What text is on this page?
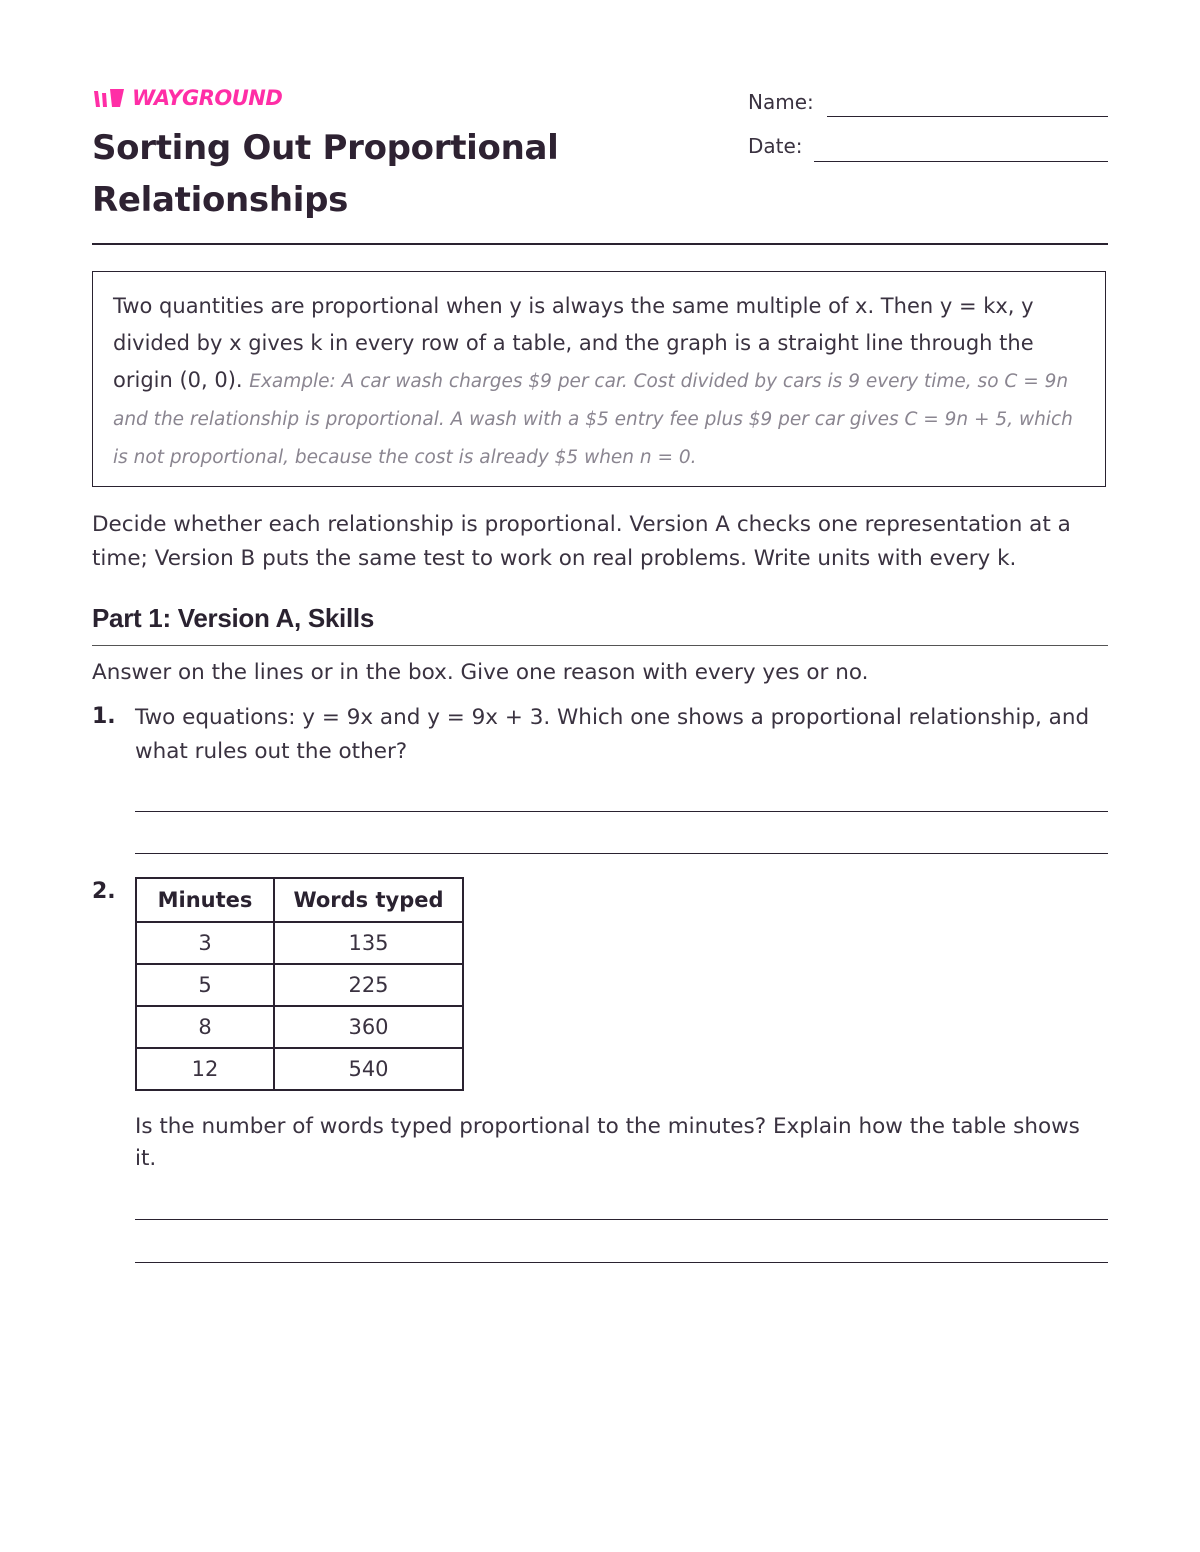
WAYGROUND
Sorting Out Proportional Relationships
Name:
Date:
Two quantities are proportional when y is always the same multiple of x. Then y = kx, y divided by x gives k in every row of a table, and the graph is a straight line through the origin (0, 0). Example: A car wash charges $9 per car. Cost divided by cars is 9 every time, so C = 9n and the relationship is proportional. A wash with a $5 entry fee plus $9 per car gives C = 9n + 5, which is not proportional, because the cost is already $5 when n = 0.
Decide whether each relationship is proportional. Version A checks one representation at a time; Version B puts the same test to work on real problems. Write units with every k.
Part 1: Version A, Skills
Answer on the lines or in the box. Give one reason with every yes or no.
1. Two equations: y = 9x and y = 9x + 3. Which one shows a proportional relationship, and what rules out the other?
2. Minutes	Words typed
3	135
5	225
8	360
12	540
Is the number of words typed proportional to the minutes? Explain how the table shows it.
